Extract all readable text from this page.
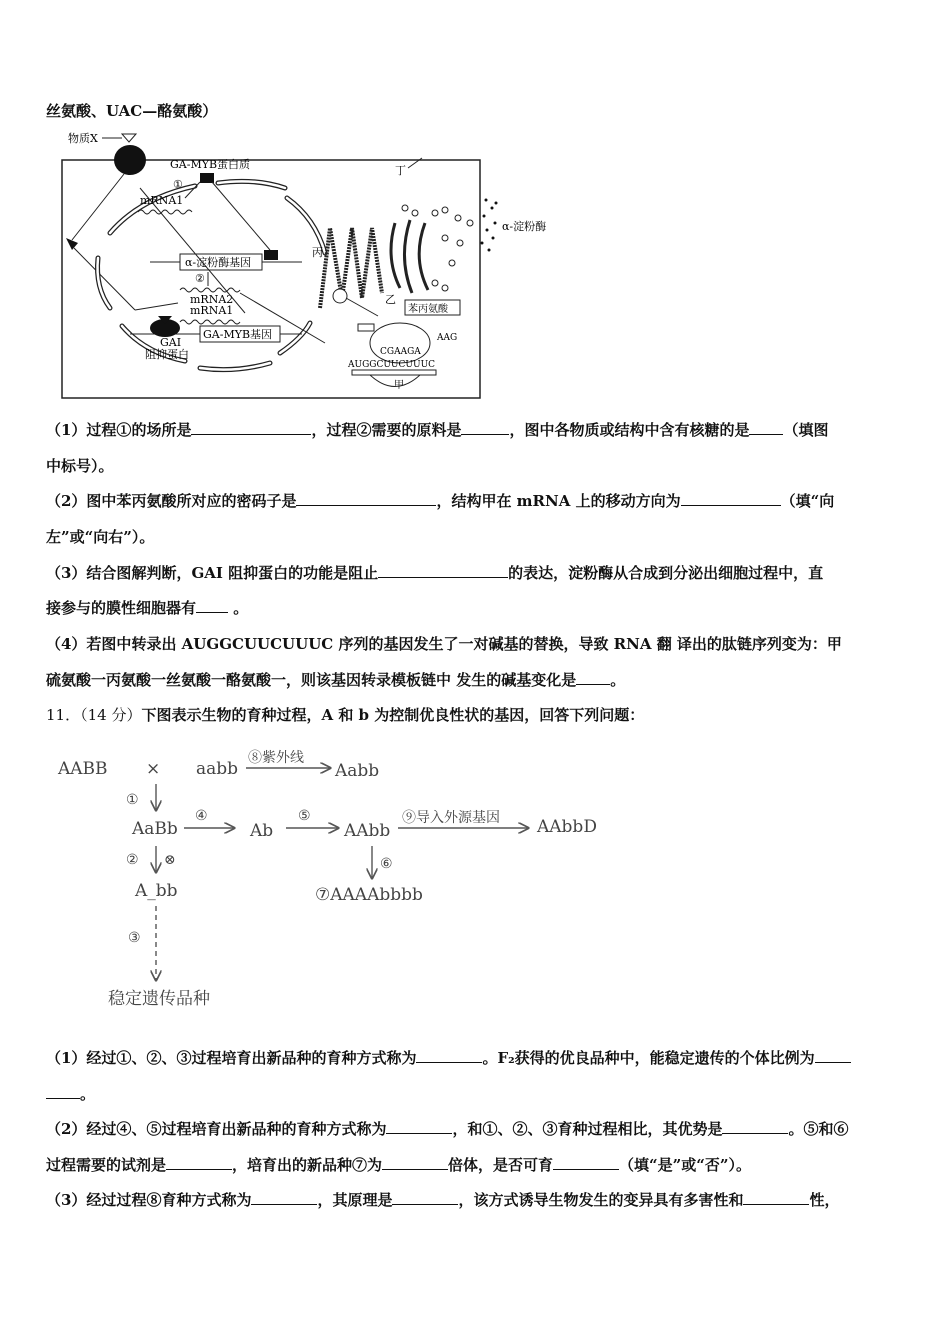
丝氨酸、UAC—酪氨酸）
物质X
GA-MYB蛋白质
①
mRNA1
α-淀粉酶基因
②
mRNA2
mRNA1
GA-MYB基因
GAI
阻抑蛋白
丙
乙
α-淀粉酶
丁
苯丙氨酸
AAG
CGAAGA
AUGGCUUCUUUC
甲
（1）过程①的场所是	，过程②需要的原料是	，图中各物质或结构中含有核糖的是 （填图
中标号）。
（2）图中苯丙氨酸所对应的密码子是	，结构甲在 mRNA 上的移动方向为	（填“向
左”或“向右”）。
（3）结合图解判断，GAI 阻抑蛋白的功能是阻止	的表达，淀粉酶从合成到分泌出细胞过程中，直
接参与的膜性细胞器有 。
（4）若图中转录出 AUGGCUUCUUUC 序列的基因发生了一对碱基的替换，导致 RNA 翻 译出的肽链序列变为：甲
硫氨酸一丙氨酸一丝氨酸一酪氨酸一，则该基因转录模板链中 发生的碱基变化是 。
11．（14 分）下图表示生物的育种过程，A 和 b 为控制优良性状的基因，回答下列问题：
AABB × aabb	Aabb
AaBb	Ab	AAbb	AAbbD
A_bb	⑦AAAAbbbb
稳定遗传品种
⑧紫外线
①
④	⑤	⑨导入外源基因
② ⊗	⑥
③
（1）经过①、②、③过程培育出新品种的育种方式称为	。F₂获得的优良品种中，能稳定遗传的个体比例为
。
（2）经过④、⑤过程培育出新品种的育种方式称为	，和①、②、③育种过程相比，其优势是	。⑤和⑥
过程需要的试剂是	，培育出的新品种⑦为	倍体，是否可育	（填“是”或“否”）。
（3）经过过程⑧育种方式称为	，其原理是	，该方式诱导生物发生的变异具有多害性和	性，
